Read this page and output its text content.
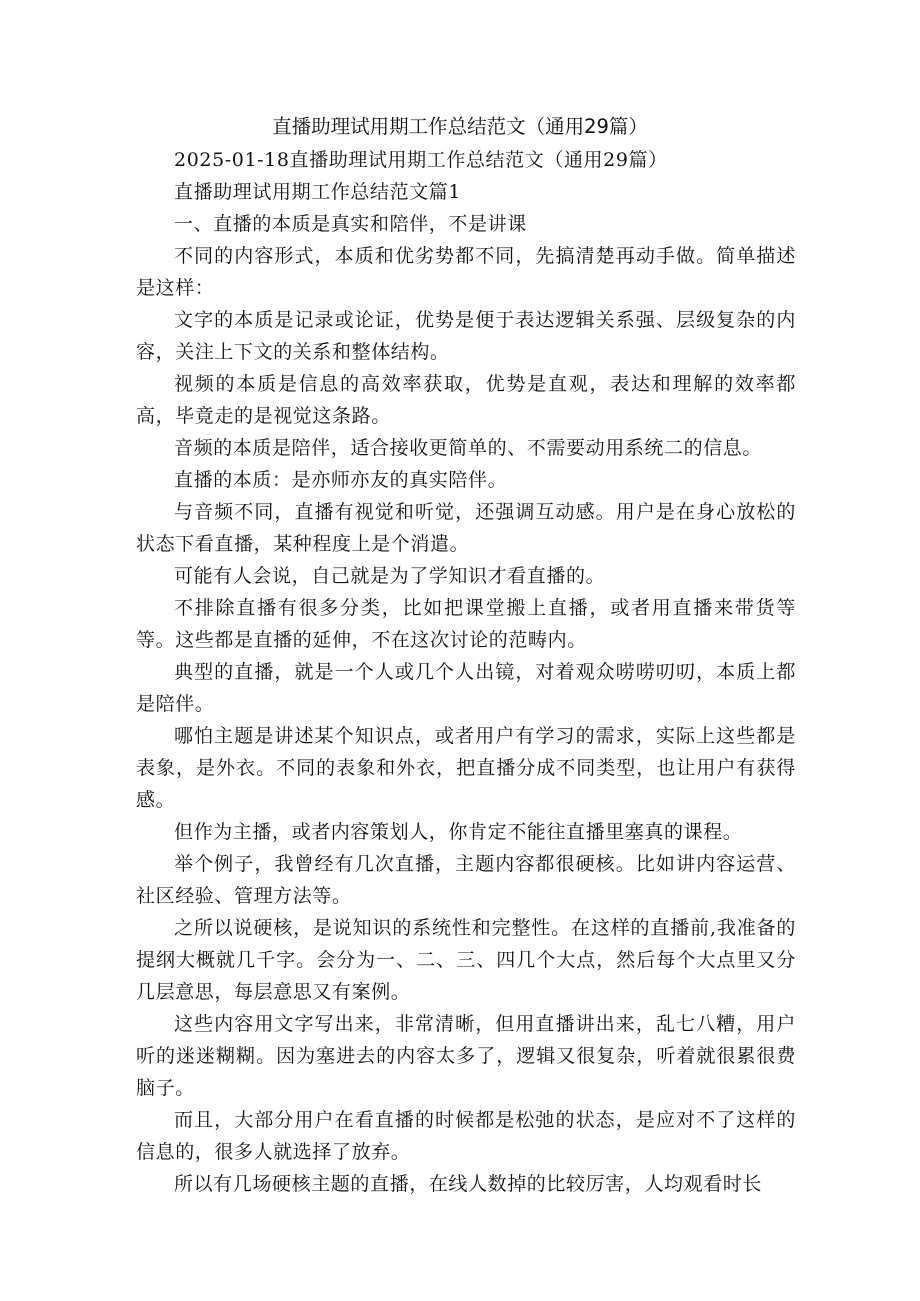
直播助理试用期工作总结范文（通用29篇）

2025-01-18直播助理试用期工作总结范文（通用29篇）

直播助理试用期工作总结范文篇1

一、直播的本质是真实和陪伴，不是讲课

不同的内容形式，本质和优劣势都不同，先搞清楚再动手做。简单描述是这样：

文字的本质是记录或论证，优势是便于表达逻辑关系强、层级复杂的内容，关注上下文的关系和整体结构。

视频的本质是信息的高效率获取，优势是直观，表达和理解的效率都高，毕竟走的是视觉这条路。

音频的本质是陪伴，适合接收更简单的、不需要动用系统二的信息。

直播的本质：是亦师亦友的真实陪伴。

与音频不同，直播有视觉和听觉，还强调互动感。用户是在身心放松的状态下看直播，某种程度上是个消遣。

可能有人会说，自己就是为了学知识才看直播的。

不排除直播有很多分类，比如把课堂搬上直播，或者用直播来带货等等。这些都是直播的延伸，不在这次讨论的范畴内。

典型的直播，就是一个人或几个人出镜，对着观众唠唠叨叨，本质上都是陪伴。

哪怕主题是讲述某个知识点，或者用户有学习的需求，实际上这些都是表象，是外衣。不同的表象和外衣，把直播分成不同类型，也让用户有获得感。

但作为主播，或者内容策划人，你肯定不能往直播里塞真的课程。

举个例子，我曾经有几次直播，主题内容都很硬核。比如讲内容运营、社区经验、管理方法等。

之所以说硬核，是说知识的系统性和完整性。在这样的直播前,我准备的提纲大概就几千字。会分为一、二、三、四几个大点，然后每个大点里又分几层意思，每层意思又有案例。

这些内容用文字写出来，非常清晰，但用直播讲出来，乱七八糟，用户听的迷迷糊糊。因为塞进去的内容太多了，逻辑又很复杂，听着就很累很费脑子。

而且，大部分用户在看直播的时候都是松弛的状态，是应对不了这样的信息的，很多人就选择了放弃。

所以有几场硬核主题的直播，在线人数掉的比较厉害，人均观看时长
